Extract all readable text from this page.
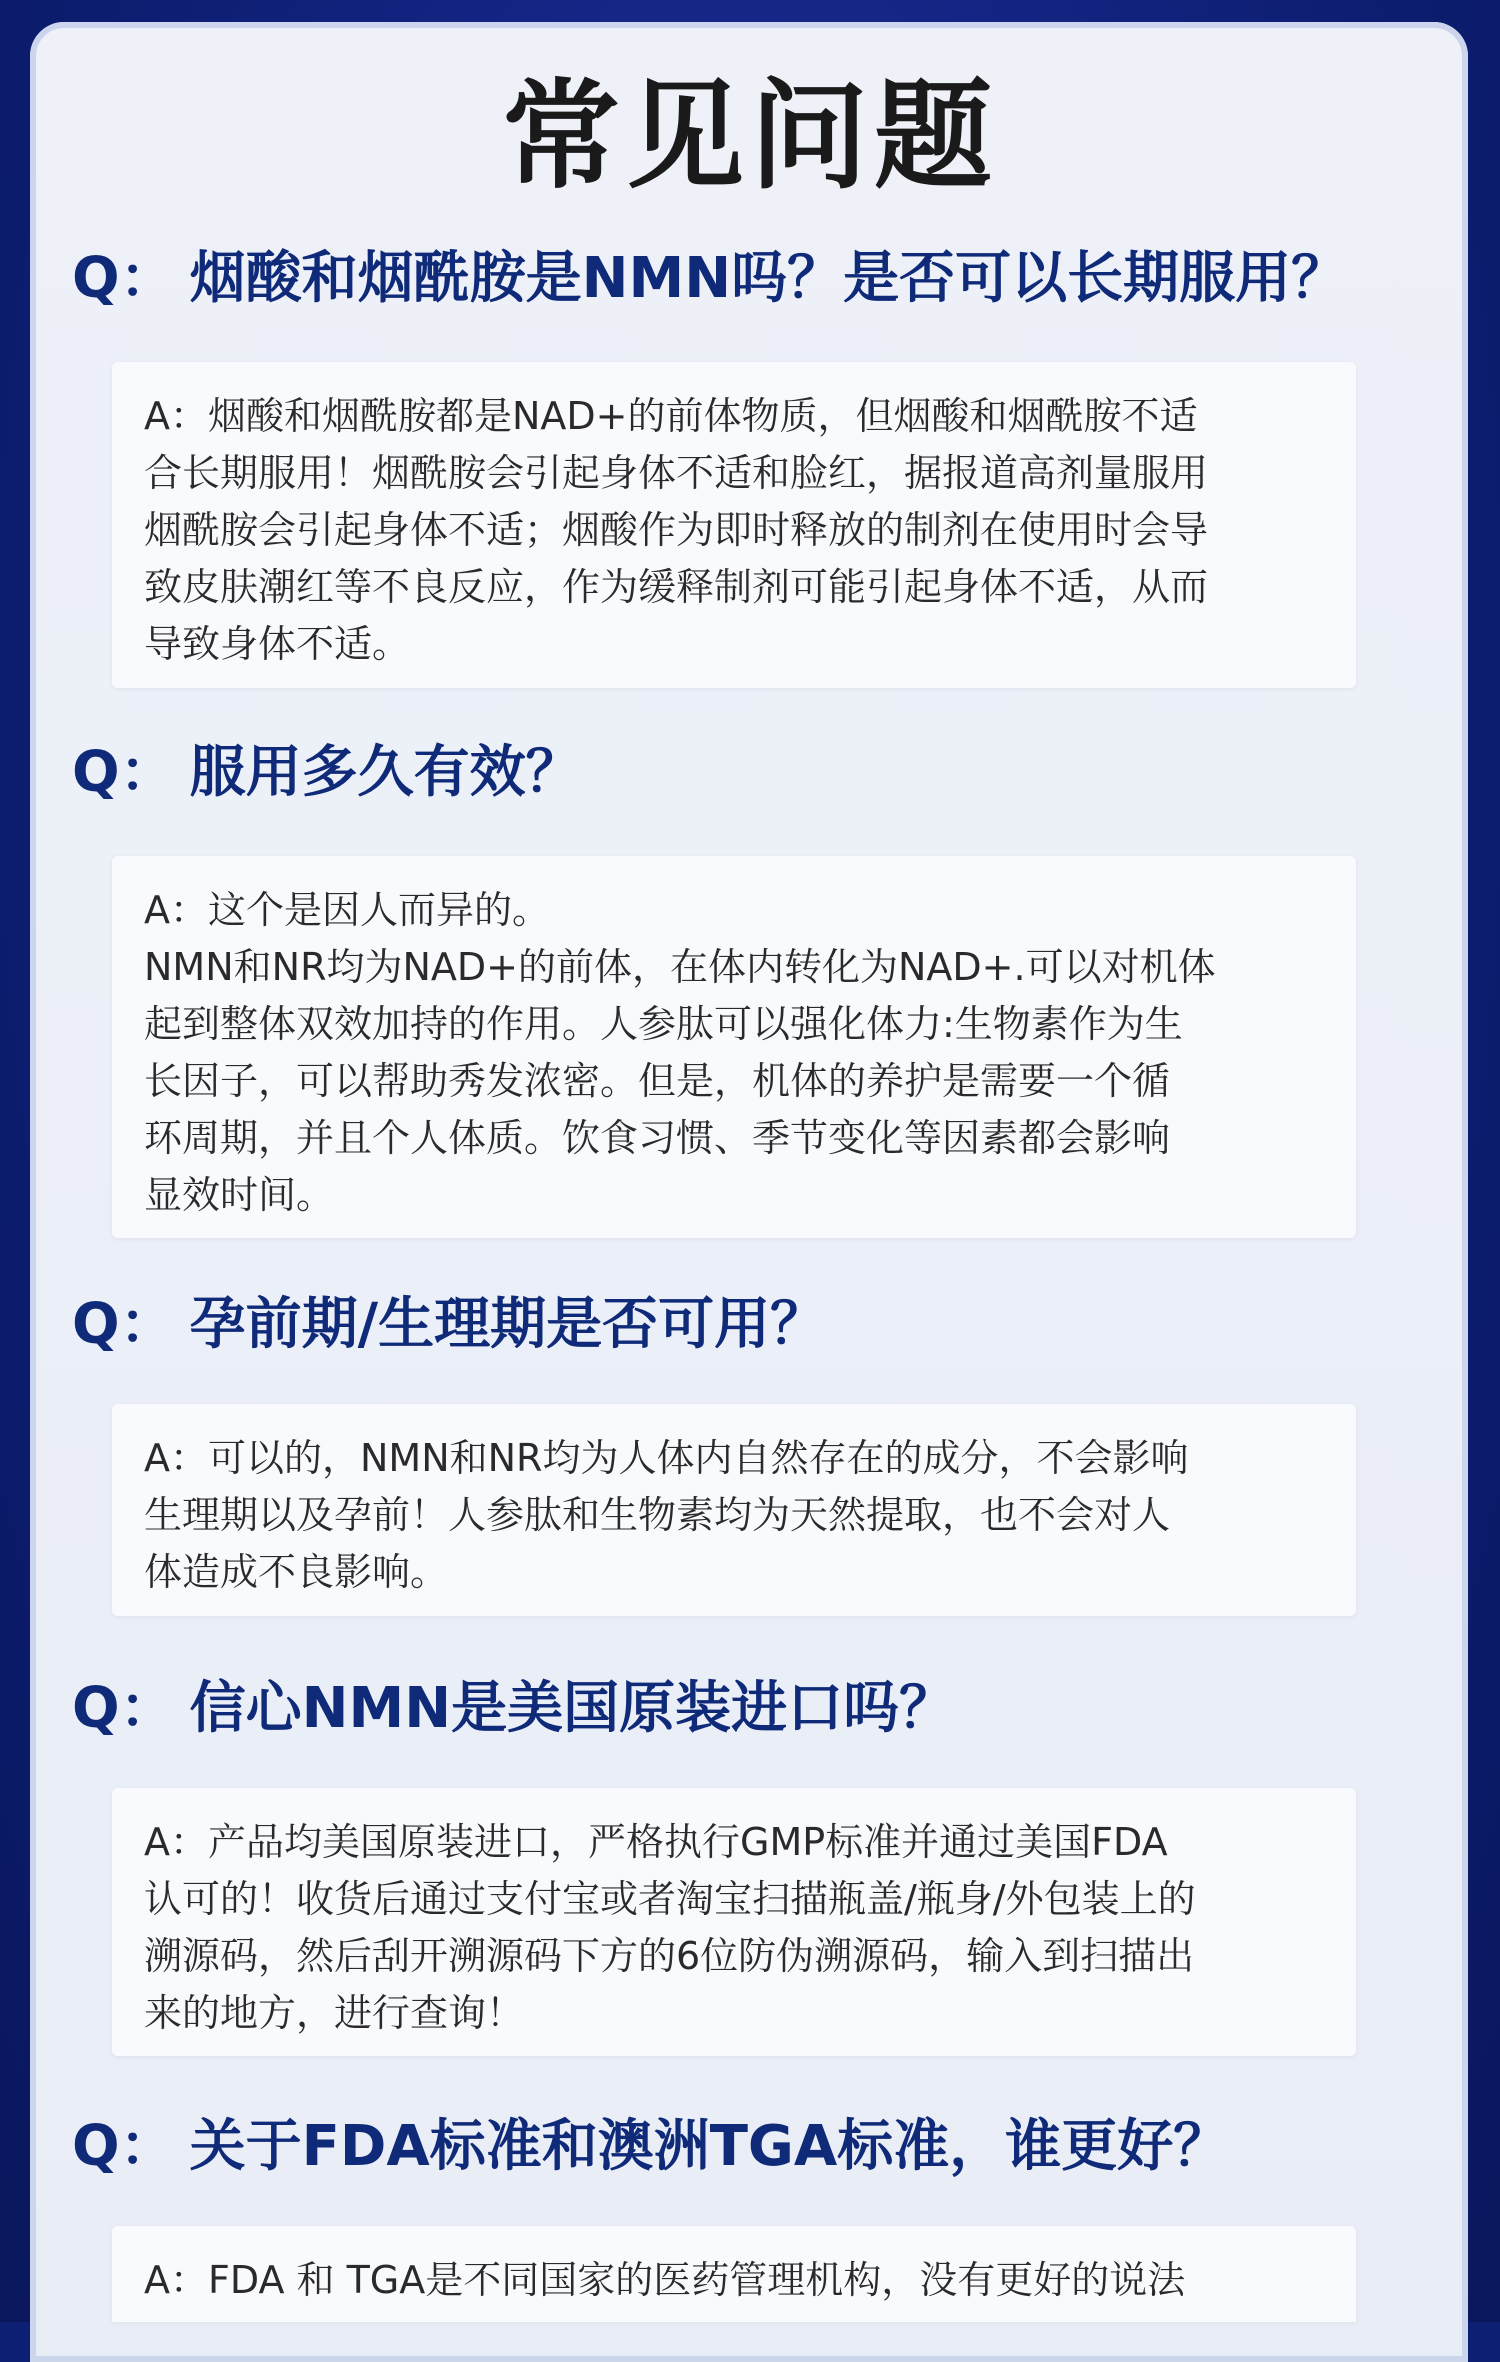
常见问题
Q： 烟酸和烟酰胺是NMN吗？是否可以长期服用？

A：烟酸和烟酰胺都是NAD+的前体物质，但烟酸和烟酰胺不适
合长期服用！烟酰胺会引起身体不适和脸红，据报道高剂量服用
烟酰胺会引起身体不适；烟酸作为即时释放的制剂在使用时会导
致皮肤潮红等不良反应，作为缓释制剂可能引起身体不适，从而
导致身体不适。

Q： 服用多久有效？

A：这个是因人而异的。
NMN和NR均为NAD+的前体，在体内转化为NAD+.可以对机体
起到整体双效加持的作用。人参肽可以强化体力:生物素作为生
长因子，可以帮助秀发浓密。但是，机体的养护是需要一个循
环周期，并且个人体质。饮食习惯、季节变化等因素都会影响
显效时间。

Q： 孕前期/生理期是否可用？

A：可以的，NMN和NR均为人体内自然存在的成分，不会影响
生理期以及孕前！人参肽和生物素均为天然提取，也不会对人
体造成不良影响。

Q： 信心NMN是美国原装进口吗？

A：产品均美国原装进口，严格执行GMP标准并通过美国FDA
认可的！收货后通过支付宝或者淘宝扫描瓶盖/瓶身/外包装上的
溯源码，然后刮开溯源码下方的6位防伪溯源码，输入到扫描出
来的地方，进行查询！

Q： 关于FDA标准和澳洲TGA标准，谁更好？

A：FDA 和 TGA是不同国家的医药管理机构，没有更好的说法
